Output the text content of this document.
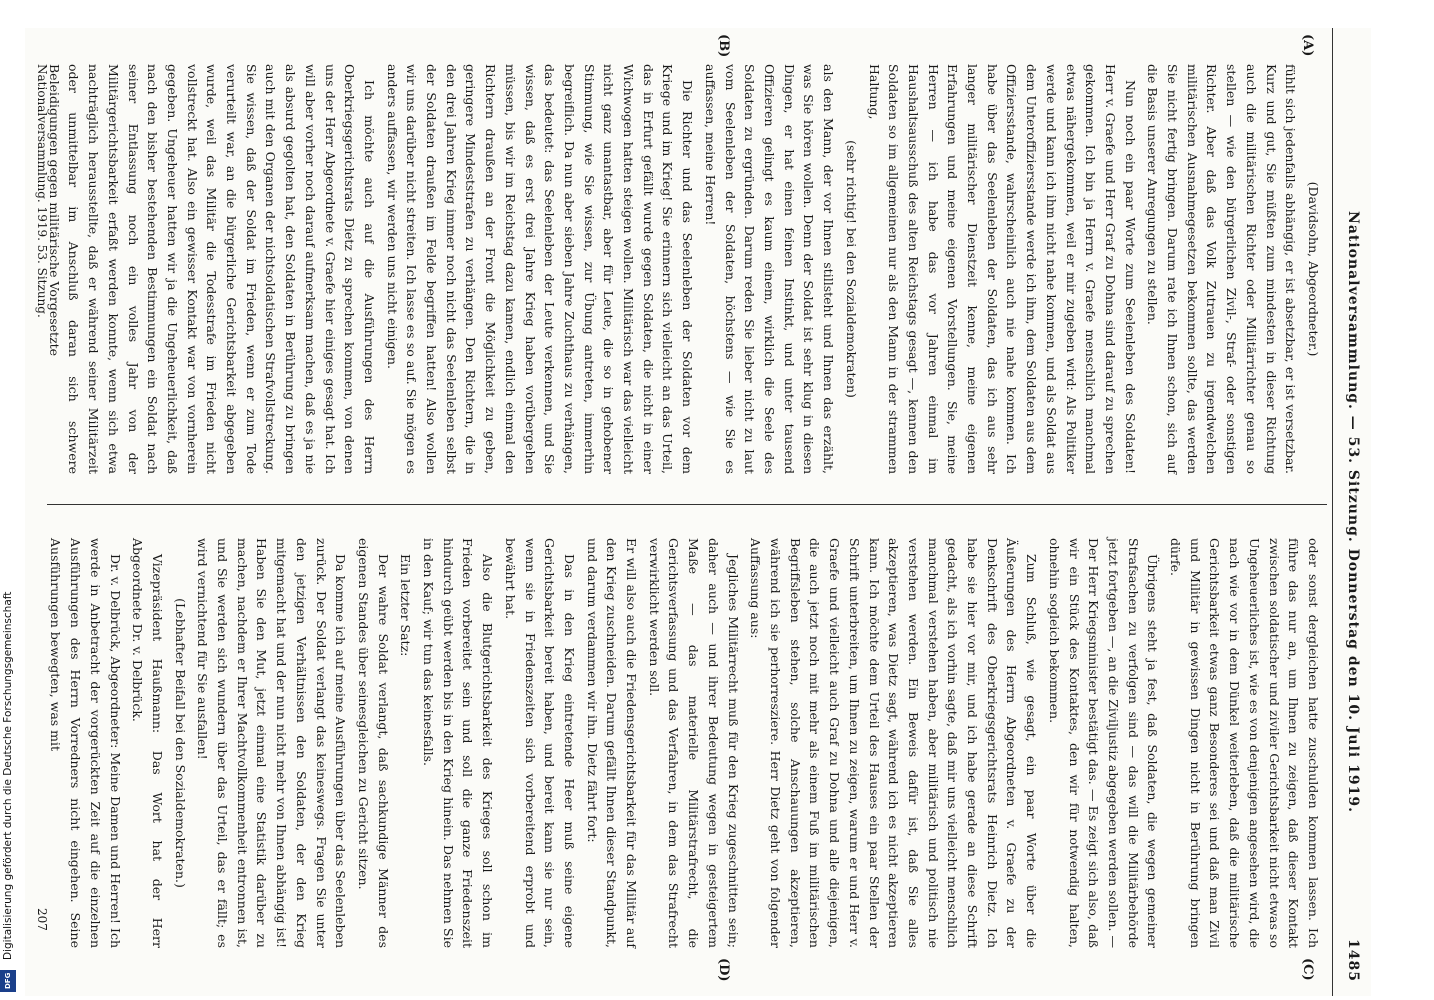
Nationalversammlung. — 53. Sitzung. Donnerstag den 10. Juli 1919.
1485
(A)
(B)
(C)
(D)

(Davidsohn, Abgeordneter.)

fühlt sich jedenfalls abhängig, er ist absetzbar, er ist versetzbar. Kurz und gut, Sie müßten zum mindesten in dieser Richtung auch die militärischen Richter oder Militärrichter genau so stellen — wie den bürgerlichen Zivil-, Straf- oder sonstigen Richter. Aber daß das Volk Zutrauen zu irgendwelchen militärischen Ausnahmegesetzen bekommen sollte, das werden Sie nicht fertig bringen. Darum rate ich Ihnen schon, sich auf die Basis unserer Anregungen zu stellen.

Nun noch ein paar Worte zum Seelenleben des Soldaten! Herr v. Graefe und Herr Graf zu Dohna sind darauf zu sprechen gekommen. Ich bin ja Herrn v. Graefe menschlich manchmal etwas nähergekommen, weil er mir zugeben wird: Als Politiker werde und kann ich ihm nicht nahe kommen, und als Soldat aus dem Unteroffiziersstande werde ich ihm, dem Soldaten aus dem Offiziersstande, wahrscheinlich auch nie nahe kommen. Ich habe über das Seelenleben der Soldaten, das ich aus sehr langer militärischer Dienstzeit kenne, meine eigenen Erfahrungen und meine eigenen Vorstellungen. Sie, meine Herren — ich habe das vor Jahren einmal im Haushaltsausschuß des alten Reichstags gesagt —, kennen den Soldaten so im allgemeinen nur als den Mann in der strammen Haltung,

(sehr richtig! bei den Sozialdemokraten)

als den Mann, der vor Ihnen stillsteht und Ihnen das erzählt, was Sie hören wollen. Denn der Soldat ist sehr klug in diesen Dingen, er hat einen feinen Instinkt, und unter tausend Offizieren gelingt es kaum einem, wirklich die Seele des Soldaten zu ergründen. Darum reden Sie lieber nicht zu laut vom Seelenleben der Soldaten, höchstens — wie Sie es auffassen, meine Herren!

Die Richter und das Seelenleben der Soldaten vor dem Kriege und im Krieg! Sie erinnern sich vielleicht an das Urteil, das in Erfurt gefällt wurde gegen Soldaten, die nicht in einer Wichwogen hatten steigen wollen. Militärisch war das vielleicht nicht ganz unantastbar, aber für Leute, die so in gehobener Stimmung, wie Sie wissen, zur Übung antreten, immerhin begreiflich. Da nun aber sieben Jahre Zuchthaus zu verhängen, das bedeutet: das Seelenleben der Leute verkennen, und Sie wissen, daß es erst drei Jahre Krieg haben vorübergehen müssen, bis wir im Reichstag dazu kamen, endlich einmal den Richtern draußen an der Front die Möglichkeit zu geben, geringere Mindeststrafen zu verhängen. Den Richtern, die in den drei Jahren Krieg immer noch nicht das Seelenleben selbst der Soldaten draußen im Felde begriffen hatten! Also wollen wir uns darüber nicht streiten. Ich lasse es so auf. Sie mögen es anders auffassen, wir werden uns nicht einigen.

Ich möchte auch auf die Ausführungen des Herrn Oberkriegsgerichtsrats Dietz zu sprechen kommen, von denen uns der Herr Abgeordnete v. Graefe hier einiges gesagt hat. Ich will aber vorher noch darauf aufmerksam machen, daß es ja nie als absurd gegolten hat, den Soldaten in Berührung zu bringen auch mit den Organen der nichtsoldatischen Strafvollstreckung. Sie wissen, daß der Soldat im Frieden, wenn er zum Tode verurteilt war, an die bürgerliche Gerichtsbarkeit abgegeben wurde, weil das Militär die Todesstrafe im Frieden nicht vollstreckt hat. Also ein gewisser Kontakt war von vornherein gegeben. Ungeheuer hatten wir ja die Ungeheuerlichkeit, daß nach den bisher bestehenden Bestimmungen ein Soldat nach seiner Entlassung noch ein volles Jahr von der Militärgerichtsbarkeit erfaßt werden konnte, wenn sich etwa nachträglich herausstellte, daß er während seiner Militärzeit oder unmittelbar im Anschluß daran sich schwere Beleidigungen gegen militärische Vorgesetzte

oder sonst dergleichen hatte zuschulden kommen lassen. Ich führe das nur an, um Ihnen zu zeigen, daß dieser Kontakt zwischen soldatischer und ziviler Gerichtsbarkeit nicht etwas so Ungeheuerliches ist, wie es von denjenigen angesehen wird, die nach wie vor in dem Dünkel weiterleben, daß die militärische Gerichtsbarkeit etwas ganz Besonderes sei und daß man Zivil und Militär in gewissen Dingen nicht in Berührung bringen dürfe.

Übrigens steht ja fest, daß Soldaten, die wegen gemeiner Strafsachen zu verfolgen sind — das will die Militärbehörde jetzt fortgeben —, an die Ziviljustiz abgegeben werden sollen. — Der Herr Kriegsminister bestätigt das. — Es zeigt sich also, daß wir ein Stück des Kontaktes, den wir für notwendig halten, ohnehin sogleich bekommen.

Zum Schluß, wie gesagt, ein paar Worte über die Äußerungen des Herrn Abgeordneten v. Graefe zu der Denkschrift des Oberkriegsgerichtsrats Heinrich Dietz. Ich habe sie hier vor mir, und ich habe gerade an diese Schrift gedacht, als ich vorhin sagte, daß mir uns vielleicht menschlich manchmal verstehen haben, aber militärisch und politisch nie verstehen werden. Ein Beweis dafür ist, daß Sie alles akzeptieren, was Dietz sagt, während ich es nicht akzeptieren kann. Ich möchte dem Urteil des Hauses ein paar Stellen der Schrift unterbreiten, um Ihnen zu zeigen, warum er und Herr v. Graefe und vielleicht auch Graf zu Dohna und alle diejenigen, die auch jetzt noch mit mehr als einem Fuß im militärischen Begriffsleben stehen, solche Anschauungen akzeptieren, während ich sie perhorresziere. Herr Dietz geht von folgender Auffassung aus:

Jegliches Militärrecht muß für den Krieg zugeschnitten sein; daher auch — und ihrer Bedeutung wegen in gesteigertem Maße — das materielle Militärstrafrecht, die Gerichtsverfassung und das Verfahren, in dem das Strafrecht verwirklicht werden soll.

Er will also auch die Friedensgerichtsbarkeit für das Militär auf den Krieg zuschneiden. Darum gefällt Ihnen dieser Standpunkt, und darum verdammen wir ihn. Dietz fährt fort:

Das in den Krieg eintretende Heer muß seine eigene Gerichtsbarkeit bereit haben, und bereit kann sie nur sein, wenn sie in Friedenszeiten sich vorbereitend erprobt und bewährt hat.

Also die Blutgerichtsbarkeit des Krieges soll schon im Frieden vorbereitet sein und soll die ganze Friedenszeit hindurch geübt werden bis in den Krieg hinein. Das nehmen Sie in den Kauf; wir tun das keinesfalls.

Ein letzter Satz:

Der wahre Soldat verlangt, daß sachkundige Männer des eigenen Standes über seinesgleichen zu Gericht sitzen.

Da komme ich auf meine Ausführungen über das Seelenleben zurück. Der Soldat verlangt das keineswegs. Fragen Sie unter den jetzigen Verhältnissen den Soldaten, der den Krieg mitgemacht hat und der nun nicht mehr von Ihnen abhängig ist! Haben Sie den Mut, jetzt einmal eine Statistik darüber zu machen, nachdem er Ihrer Machtvollkommenheit entronnen ist, und Sie werden sich wundern über das Urteil, das er fällt; es wird vernichtend für Sie ausfallen!

(Lebhafter Beifall bei den Sozialdemokraten.)

Vizepräsident Haußmann: Das Wort hat der Herr Abgeordnete Dr. v. Delbrück.

Dr. v. Delbrück, Abgeordneter: Meine Damen und Herren! Ich werde in Anbetracht der vorgerückten Zeit auf die einzelnen Ausführungen des Herrn Vorredners nicht eingehen. Seine Ausführungen bewegten, was mit

Nationalversammlung. 1919. 53. Sitzung.
207
Digitalisierung gefördert durch die Deutsche Forschungsgemeinschaft
DFG
